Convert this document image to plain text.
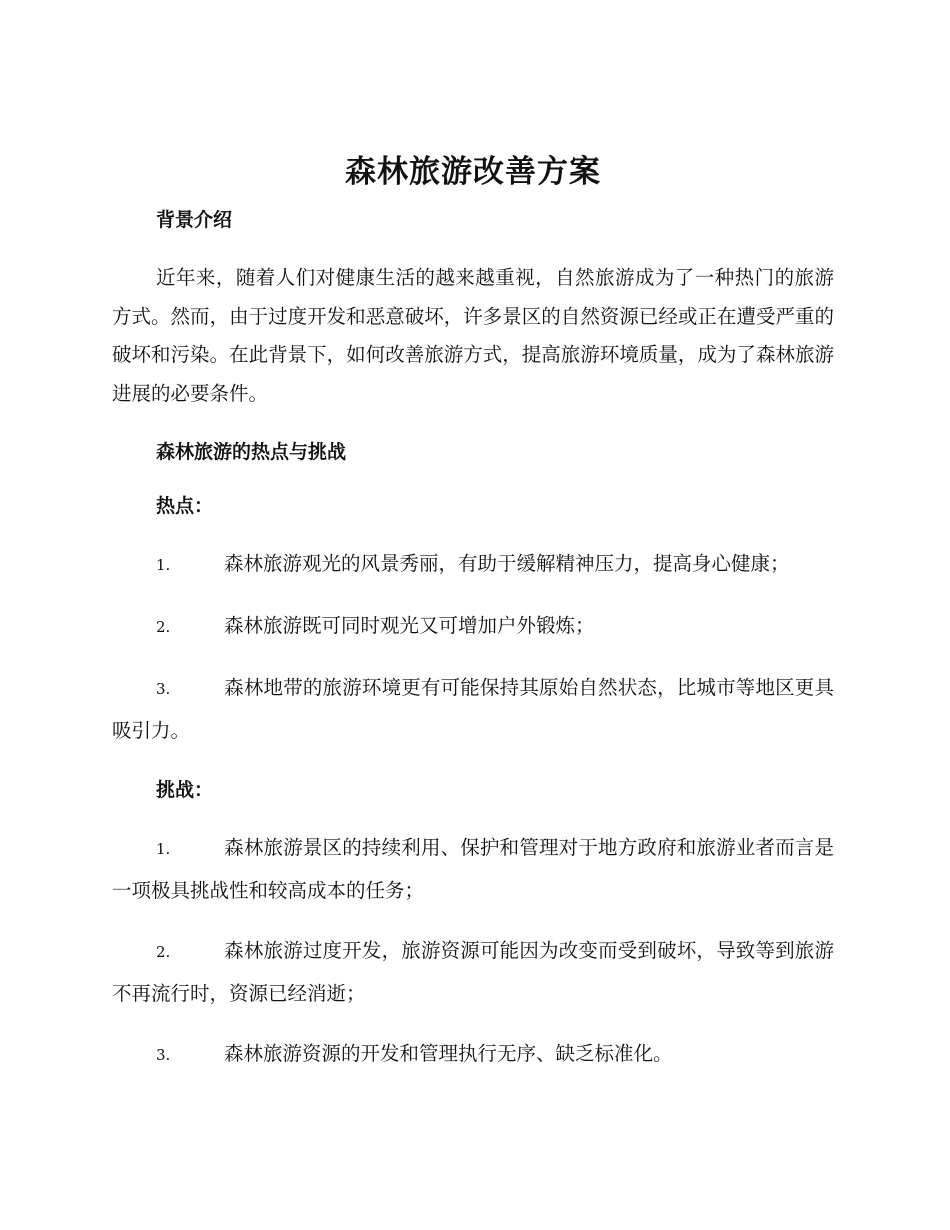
森林旅游改善方案
背景介绍

近年来，随着人们对健康生活的越来越重视，自然旅游成为了一种热门的旅游方式。然而，由于过度开发和恶意破坏，许多景区的自然资源已经或正在遭受严重的破坏和污染。在此背景下，如何改善旅游方式，提高旅游环境质量，成为了森林旅游进展的必要条件。

森林旅游的热点与挑战
热点：
1.	森林旅游观光的风景秀丽，有助于缓解精神压力，提高身心健康；
2.	森林旅游既可同时观光又可增加户外锻炼；
3.	森林地带的旅游环境更有可能保持其原始自然状态，比城市等地区更具吸引力。
挑战：
1.	森林旅游景区的持续利用、保护和管理对于地方政府和旅游业者而言是一项极具挑战性和较高成本的任务；
2.	森林旅游过度开发，旅游资源可能因为改变而受到破坏，导致等到旅游不再流行时，资源已经消逝；
3.	森林旅游资源的开发和管理执行无序、缺乏标准化。
